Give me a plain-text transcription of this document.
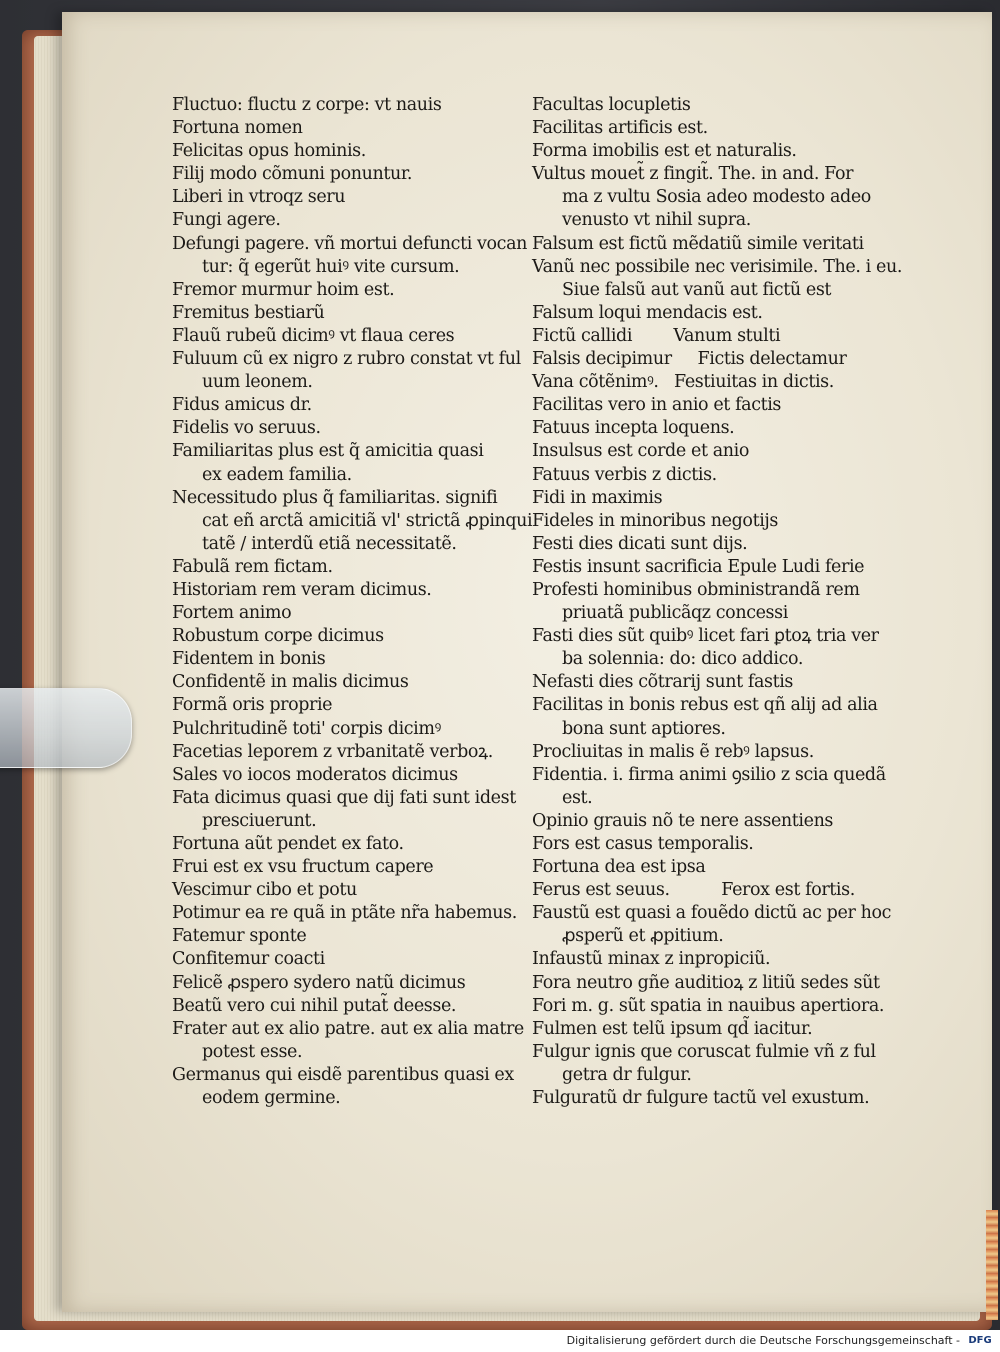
Fluctuo: fluctu z corpe: vt nauis
Fortuna nomen
Felicitas opus hominis.
Filij modo cõmuni ponuntur.
Liberi in vtroqz seru
Fungi agere.
Defungi pagere. vñ mortui defuncti vocan
tur: q̃ egerũt huiꝰ vite cursum.
Fremor murmur hoim est.
Fremitus bestiarũ
Flauũ rubeũ dicimꝰ vt flaua ceres
Fuluum cũ ex nigro z rubro constat vt ful
uum leonem.
Fidus amicus dr.
Fidelis vo seruus.
Familiaritas plus est q̃ amicitia quasi
ex eadem familia.
Necessitudo plus q̃ familiaritas. signifi
cat eñ arctã amicitiã vl' strictã ꝓpinqui
tatẽ / interdũ etiã necessitatẽ.
Fabulã rem fictam.
Historiam rem veram dicimus.
Fortem animo
Robustum corpe dicimus
Fidentem in bonis
Confidentẽ in malis dicimus
Formã oris proprie
Pulchritudinẽ toti' corpis dicimꝰ
Facetias leporem z vrbanitatẽ verboꝝ.
Sales vo iocos moderatos dicimus
Fata dicimus quasi que dij fati sunt idest
presciuerunt.
Fortuna aũt pendet ex fato.
Frui est ex vsu fructum capere
Vescimur cibo et potu
Potimur ea re quã in ptãte nr̃a habemus.
Fatemur sponte
Confitemur coacti
Felicẽ ꝓspero sydero natũ dicimus
Beatũ vero cui nihil putat̃ deesse.
Frater aut ex alio patre. aut ex alia matre
potest esse.
Germanus qui eisdẽ parentibus quasi ex
eodem germine.
Facultas locupletis
Facilitas artificis est.
Forma imobilis est et naturalis.
Vultus mouet̃ z fingit̃. The. in and. For
ma z vultu Sosia adeo modesto adeo
venusto vt nihil supra.
Falsum est fictũ mẽdatiũ simile veritati
Vanũ nec possibile nec verisimile. The. i eu.
Siue falsũ aut vanũ aut fictũ est
Falsum loqui mendacis est.
Fictũ callidi        Vanum stulti
Falsis decipimur     Fictis delectamur
Vana cõtẽnimꝰ.   Festiuitas in dictis.
Facilitas vero in anio et factis
Fatuus incepta loquens.
Insulsus est corde et anio
Fatuus verbis z dictis.
Fidi in maximis
Fideles in minoribus negotijs
Festi dies dicati sunt dijs.
Festis insunt sacrificia Epule Ludi ferie
Profesti hominibus obministrandã rem
priuatã publicãqz concessi
Fasti dies sũt quibꝰ licet fari ꝑtoꝝ tria ver
ba solennia: do: dico addico.
Nefasti dies cõtrarij sunt fastis
Facilitas in bonis rebus est qñ alij ad alia
bona sunt aptiores.
Procliuitas in malis ẽ rebꝰ lapsus.
Fidentia. i. firma animi ꝯsilio z scia quedã
est.
Opinio grauis nõ te nere assentiens
Fors est casus temporalis.
Fortuna dea est ipsa
Ferus est seuus.          Ferox est fortis.
Faustũ est quasi a fouẽdo dictũ ac per hoc
ꝓsperũ et ꝓpitium.
Infaustũ minax z inpropiciũ.
Fora neutro gñe auditioꝝ z litiũ sedes sũt
Fori m. g. sũt spatia in nauibus apertiora.
Fulmen est telũ ipsum qd̃ iacitur.
Fulgur ignis que coruscat fulmie vñ z ful
getra dr fulgur.
Fulguratũ dr fulgure tactũ vel exustum.
Digitalisierung gefördert durch die Deutsche Forschungsgemeinschaft - DFG
